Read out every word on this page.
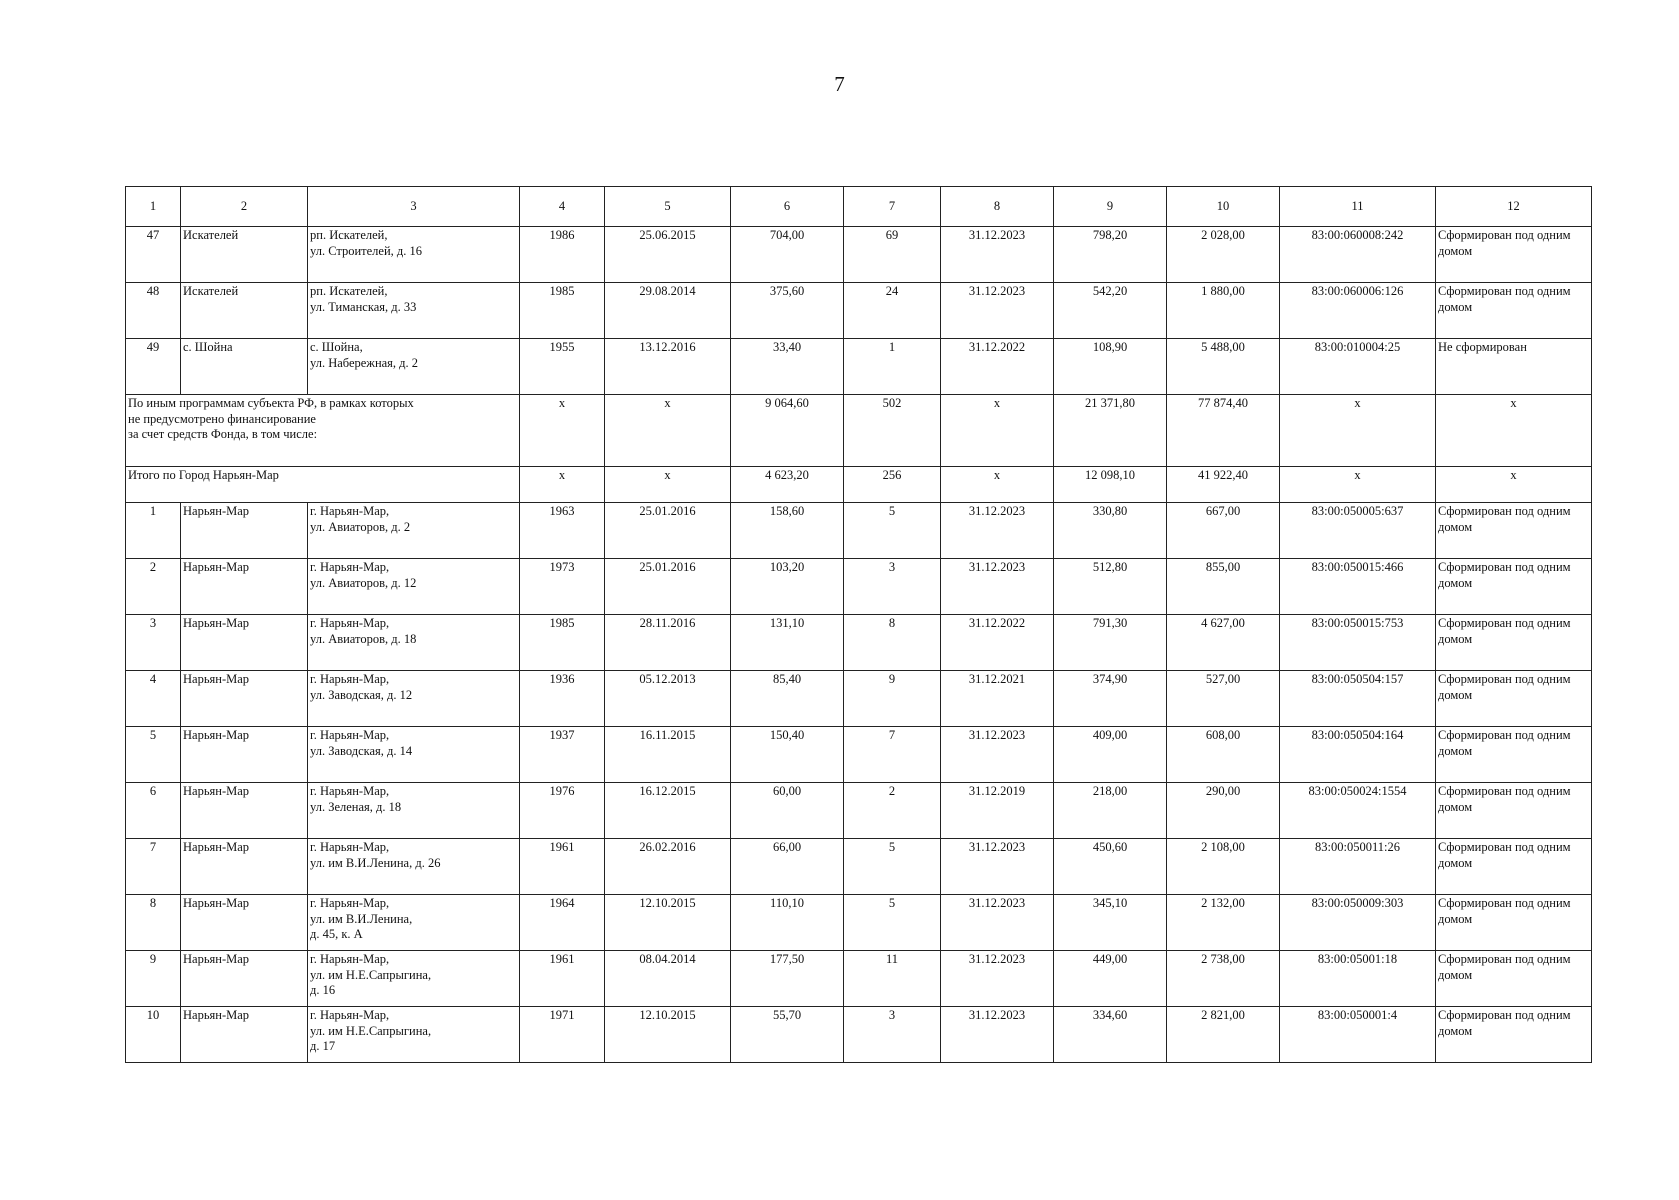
7
1	2	3	4	5	6	7	8	9	10	11	12
47	Искателей	рп. Искателей,
ул. Строителей, д. 16	1986	25.06.2015	704,00	69	31.12.2023	798,20	2 028,00	83:00:060008:242	Сформирован под одним домом
48	Искателей	рп. Искателей,
ул. Тиманская, д. 33	1985	29.08.2014	375,60	24	31.12.2023	542,20	1 880,00	83:00:060006:126	Сформирован под одним домом
49	с. Шойна	с. Шойна,
ул. Набережная, д. 2	1955	13.12.2016	33,40	1	31.12.2022	108,90	5 488,00	83:00:010004:25	Не сформирован

По иным программам субъекта РФ, в рамках которых
не предусмотрено финансирование
за счет средств Фонда, в том числе:			x	x	9 064,60	502	x	21 371,80	77 874,40	x	x

Итого по Город Нарьян-Мар			x	x	4 623,20	256	x	12 098,10	41 922,40	x	x
1	Нарьян-Мар	г. Нарьян-Мар,
ул. Авиаторов, д. 2	1963	25.01.2016	158,60	5	31.12.2023	330,80	667,00	83:00:050005:637	Сформирован под одним домом
2	Нарьян-Мар	г. Нарьян-Мар,
ул. Авиаторов, д. 12	1973	25.01.2016	103,20	3	31.12.2023	512,80	855,00	83:00:050015:466	Сформирован под одним домом
3	Нарьян-Мар	г. Нарьян-Мар,
ул. Авиаторов, д. 18	1985	28.11.2016	131,10	8	31.12.2022	791,30	4 627,00	83:00:050015:753	Сформирован под одним домом
4	Нарьян-Мар	г. Нарьян-Мар,
ул. Заводская, д. 12	1936	05.12.2013	85,40	9	31.12.2021	374,90	527,00	83:00:050504:157	Сформирован под одним домом
5	Нарьян-Мар	г. Нарьян-Мар,
ул. Заводская, д. 14	1937	16.11.2015	150,40	7	31.12.2023	409,00	608,00	83:00:050504:164	Сформирован под одним домом
6	Нарьян-Мар	г. Нарьян-Мар,
ул. Зеленая, д. 18	1976	16.12.2015	60,00	2	31.12.2019	218,00	290,00	83:00:050024:1554	Сформирован под одним домом
7	Нарьян-Мар	г. Нарьян-Мар,
ул. им В.И.Ленина, д. 26	1961	26.02.2016	66,00	5	31.12.2023	450,60	2 108,00	83:00:050011:26	Сформирован под одним домом
8	Нарьян-Мар	г. Нарьян-Мар,
ул. им В.И.Ленина,
д. 45, к. А	1964	12.10.2015	110,10	5	31.12.2023	345,10	2 132,00	83:00:050009:303	Сформирован под одним домом
9	Нарьян-Мар	г. Нарьян-Мар,
ул. им Н.Е.Сапрыгина,
д. 16	1961	08.04.2014	177,50	11	31.12.2023	449,00	2 738,00	83:00:05001:18	Сформирован под одним домом
10	Нарьян-Мар	г. Нарьян-Мар,
ул. им Н.Е.Сапрыгина,
д. 17	1971	12.10.2015	55,70	3	31.12.2023	334,60	2 821,00	83:00:050001:4	Сформирован под одним домом
